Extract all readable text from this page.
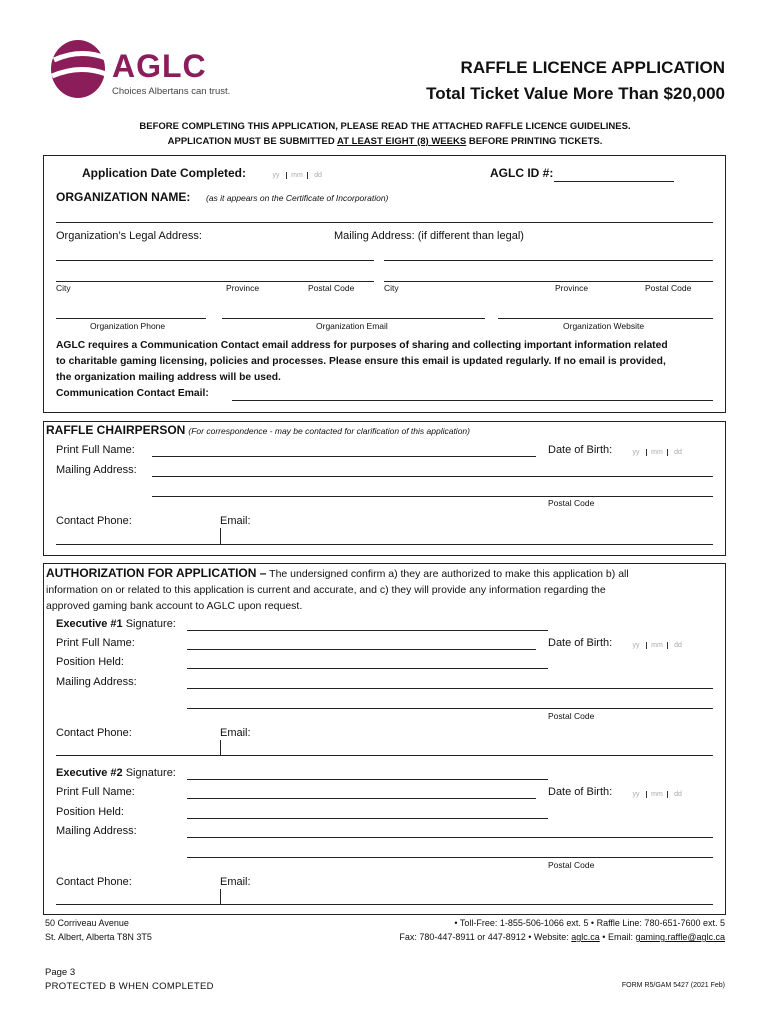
AGLC
Choices Albertans can trust.
RAFFLE LICENCE APPLICATION
Total Ticket Value More Than $20,000
BEFORE COMPLETING THIS APPLICATION, PLEASE READ THE ATTACHED RAFFLE LICENCE GUIDELINES.
APPLICATION MUST BE SUBMITTED AT LEAST EIGHT (8) WEEKS BEFORE PRINTING TICKETS.
Application Date Completed:	yy mm dd	AGLC ID #:
ORGANIZATION NAME: (as it appears on the Certificate of Incorporation)
Organization’s Legal Address:	Mailing Address: (if different than legal)
City	Province	Postal Code	City	Province	Postal Code
Organization Phone	Organization Email	Organization Website
AGLC requires a Communication Contact email address for purposes of sharing and collecting important information related
to charitable gaming licensing, policies and processes. Please ensure this email is updated regularly. If no email is provided,
the organization mailing address will be used.
Communication Contact Email:
RAFFLE CHAIRPERSON (For correspondence - may be contacted for clarification of this application)
Print Full Name:	Date of Birth:	yy mm dd
Mailing Address:
Postal Code
Contact Phone:	Email:
AUTHORIZATION FOR APPLICATION – The undersigned confirm a) they are authorized to make this application b) all
information on or related to this application is current and accurate, and c) they will provide any information regarding the
approved gaming bank account to AGLC upon request.
Executive #1 Signature:
Print Full Name:	Date of Birth:	yy mm dd
Position Held:
Mailing Address:
Postal Code
Contact Phone:	Email:
Executive #2 Signature:
Print Full Name:	Date of Birth:	yy mm dd
Position Held:
Mailing Address:
Postal Code
Contact Phone:	Email:
50 Corriveau Avenue
St. Albert, Alberta T8N 3T5
• Toll-Free: 1-855-506-1066 ext. 5 • Raffle Line: 780-651-7600 ext. 5
Fax: 780-447-8911 or 447-8912 • Website: aglc.ca • Email: gaming.raffle@aglc.ca
Page 3
PROTECTED B WHEN COMPLETED	FORM R5/GAM 5427 (2021 Feb)
